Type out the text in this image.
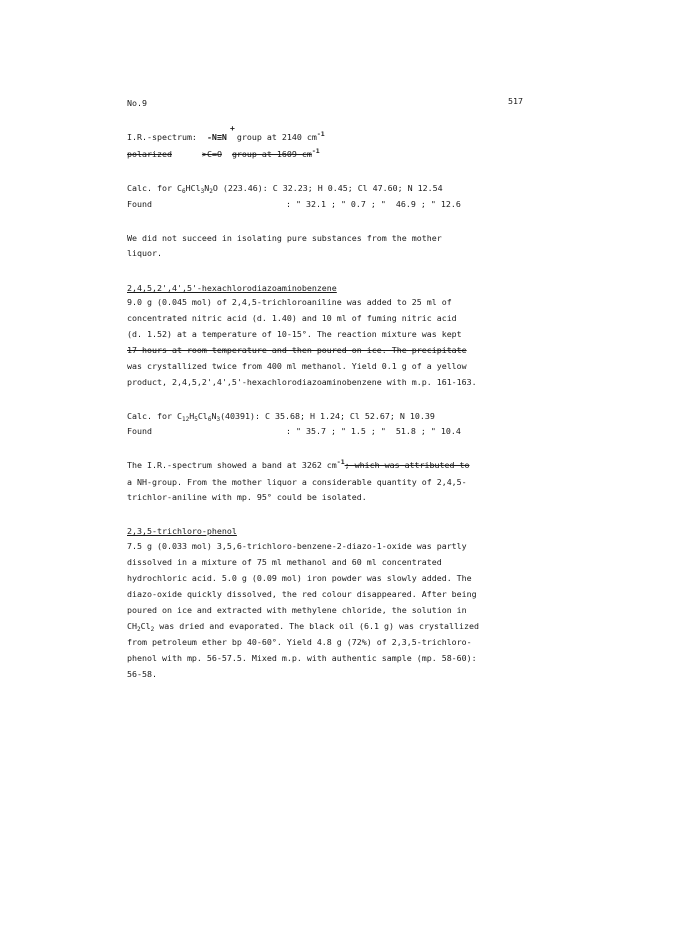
No.9	517
+
I.R.-spectrum: -N≡N group at 2140 $cm^{-1}$
polarized	>C=O group at 1609 $cm^{-1}$
Calc. for $C_6HCl_3N_2O$ (223.46): C 32.23; H 0.45; Cl 47.60; N 12.54
Found	: " 32.1 ; " 0.7 ; "  46.9 ; " 12.6
We did not succeed in isolating pure substances from the mother
liquor.
2,4,5,2',4',5'-hexachlorodiazoaminobenzene
9.0 g (0.045 mol) of 2,4,5-trichloroaniline was added to 25 ml of
concentrated nitric acid (d. 1.40) and 10 ml of fuming nitric acid
(d. 1.52) at a temperature of 10-15°. The reaction mixture was kept
17 hours at room temperature and then poured on ice. The precipitate
was crystallized twice from 400 ml methanol. Yield 0.1 g of a yellow
product, 2,4,5,2',4',5'-hexachlorodiazoaminobenzene with m.p. 161-163.
Calc. for $C_{12}H_5Cl_6N_3(40391)$: C 35.68; H 1.24; Cl 52.67; N 10.39
Found	: " 35.7 ; " 1.5 ; "  51.8 ; " 10.4
The I.R.-spectrum showed a band at 3262 $cm^{-1}$; which was attributed to
a NH-group. From the mother liquor a considerable quantity of 2,4,5-
trichlor-aniline with mp. 95° could be isolated.
2,3,5-trichloro-phenol
7.5 g (0.033 mol) 3,5,6-trichloro-benzene-2-diazo-1-oxide was partly
dissolved in a mixture of 75 ml methanol and 60 ml concentrated
hydrochloric acid. 5.0 g (0.09 mol) iron powder was slowly added. The
diazo-oxide quickly dissolved, the red colour disappeared. After being
poured on ice and extracted with methylene chloride, the solution in
$CH_2Cl_2$ was dried and evaporated. The black oil (6.1 g) was crystallized
from petroleum ether bp 40-60°. Yield 4.8 g (72%) of 2,3,5-trichloro-
phenol with mp. 56-57.5. Mixed m.p. with authentic sample (mp. 58-60):
56-58.
